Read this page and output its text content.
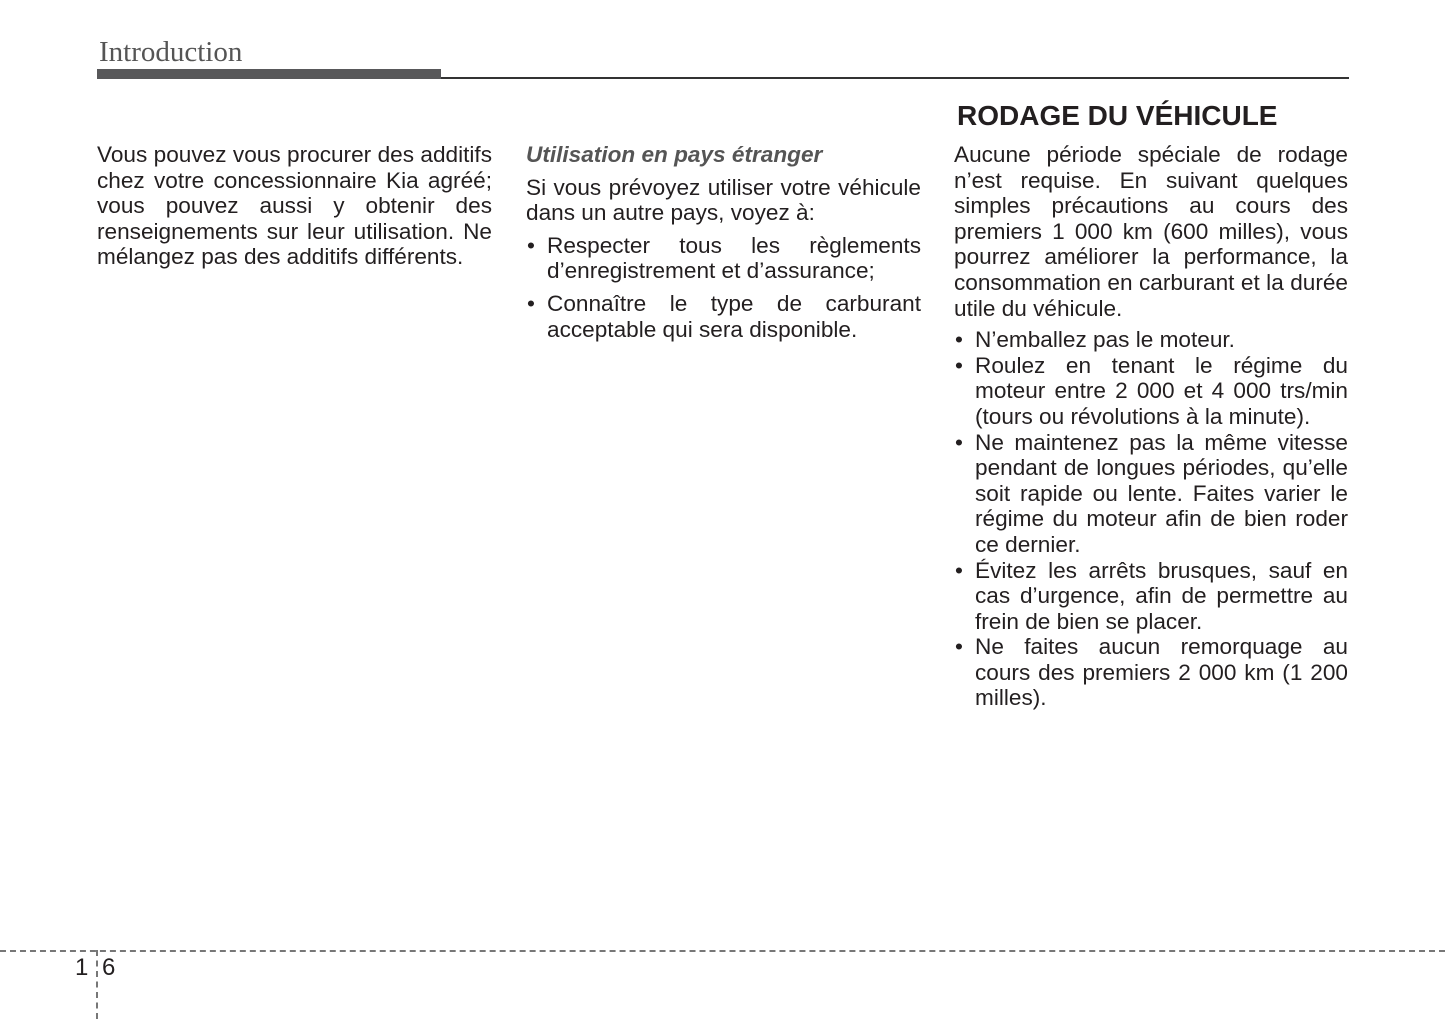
Introduction

Vous pouvez vous procurer des additifs chez votre concessionnaire Kia agréé; vous pouvez aussi y obtenir des renseignements sur leur utilisation. Ne mélangez pas des additifs différents.

Utilisation en pays étranger

Si vous prévoyez utiliser votre véhicule dans un autre pays, voyez à:

• Respecter tous les règlements d’enregistrement et d’assurance;
• Connaître le type de carburant acceptable qui sera disponible.
RODAGE DU VÉHICULE

Aucune période spéciale de rodage n’est requise. En suivant quelques simples précautions au cours des premiers 1 000 km (600 milles), vous pourrez améliorer la performance, la consommation en carburant et la durée utile du véhicule.

• N’emballez pas le moteur.
• Roulez en tenant le régime du moteur entre 2 000 et 4 000 trs/min (tours ou révolutions à la minute).
• Ne maintenez pas la même vitesse pendant de longues périodes, qu’elle soit rapide ou lente. Faites varier le régime du moteur afin de bien roder ce dernier.
• Évitez les arrêts brusques, sauf en cas d’urgence, afin de permettre au frein de bien se placer.
• Ne faites aucun remorquage au cours des premiers 2 000 km (1 200 milles).
1 6
